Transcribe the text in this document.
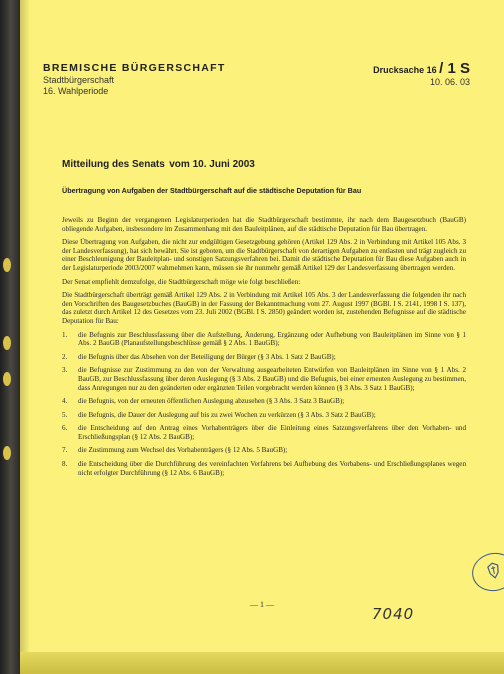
BREMISCHE BÜRGERSCHAFT
Stadtbürgerschaft
16. Wahlperiode
Drucksache 16 / 1 S
10. 06. 03
Mitteilung des Senats vom 10. Juni 2003
Übertragung von Aufgaben der Stadtbürgerschaft auf die städtische Deputation für Bau

Jeweils zu Beginn der vergangenen Legislaturperioden hat die Stadtbürgerschaft bestimmte, ihr nach dem Baugesetzbuch (BauGB) obliegende Aufgaben, insbesondere im Zusammenhang mit den Bauleitplänen, auf die städtische Deputation für Bau übertragen.

Diese Übertragung von Aufgaben, die nicht zur endgültigen Gesetzgebung gehören (Artikel 129 Abs. 2 in Verbindung mit Artikel 105 Abs. 3 der Landesverfassung), hat sich bewährt. Sie ist geboten, um die Stadtbürgerschaft von derartigen Aufgaben zu entlasten und trägt zugleich zu einer Beschleunigung der Bauleitplan- und sonstigen Satzungsverfahren bei. Damit die städtische Deputation für Bau diese Aufgaben auch in der Legislaturperiode 2003/2007 wahrnehmen kann, müssen sie ihr nunmehr gemäß Artikel 129 der Landesverfassung übertragen werden.

Der Senat empfiehlt demzufolge, die Stadtbürgerschaft möge wie folgt beschließen:

Die Stadtbürgerschaft überträgt gemäß Artikel 129 Abs. 2 in Verbindung mit Artikel 105 Abs. 3 der Landesverfassung die folgenden ihr nach den Vorschriften des Baugesetzbuches (BauGB) in der Fassung der Bekanntmachung vom 27. August 1997 (BGBl. I S. 2141, 1998 I S. 137), das zuletzt durch Artikel 12 des Gesetzes vom 23. Juli 2002 (BGBl. I S. 2850) geändert worden ist, zustehenden Befugnisse auf die städtische Deputation für Bau:

1. die Befugnis zur Beschlussfassung über die Aufstellung, Änderung, Ergänzung oder Aufhebung von Bauleitplänen im Sinne von § 1 Abs. 2 BauGB (Planaufstellungsbeschlüsse gemäß § 2 Abs. 1 BauGB);
2. die Befugnis über das Absehen von der Beteiligung der Bürger (§ 3 Abs. 1 Satz 2 BauGB);
3. die Befugnisse zur Zustimmung zu den von der Verwaltung ausgearbeiteten Entwürfen von Bauleitplänen im Sinne von § 1 Abs. 2 BauGB, zur Beschlussfassung über deren Auslegung (§ 3 Abs. 2 BauGB) und die Befugnis, bei einer erneuten Auslegung zu bestimmen, dass Anregungen nur zu den geänderten oder ergänzten Teilen vorgebracht werden können (§ 3 Abs. 3 Satz 1 BauGB);
4. die Befugnis, von der erneuten öffentlichen Auslegung abzusehen (§ 3 Abs. 3 Satz 3 BauGB);
5. die Befugnis, die Dauer der Auslegung auf bis zu zwei Wochen zu verkürzen (§ 3 Abs. 3 Satz 2 BauGB);
6. die Entscheidung auf den Antrag eines Vorhabenträgers über die Einleitung eines Satzungsverfahrens über den Vorhaben- und Erschließungsplan (§ 12 Abs. 2 BauGB);
7. die Zustimmung zum Wechsel des Vorhabenträgers (§ 12 Abs. 5 BauGB);
8. die Entscheidung über die Durchführung des vereinfachten Verfahrens bei Aufhebung des Vorbabens- und Erschließungsplanes wegen nicht erfolgter Durchführung (§ 12 Abs. 6 BauGB);
— 1 —
7040
